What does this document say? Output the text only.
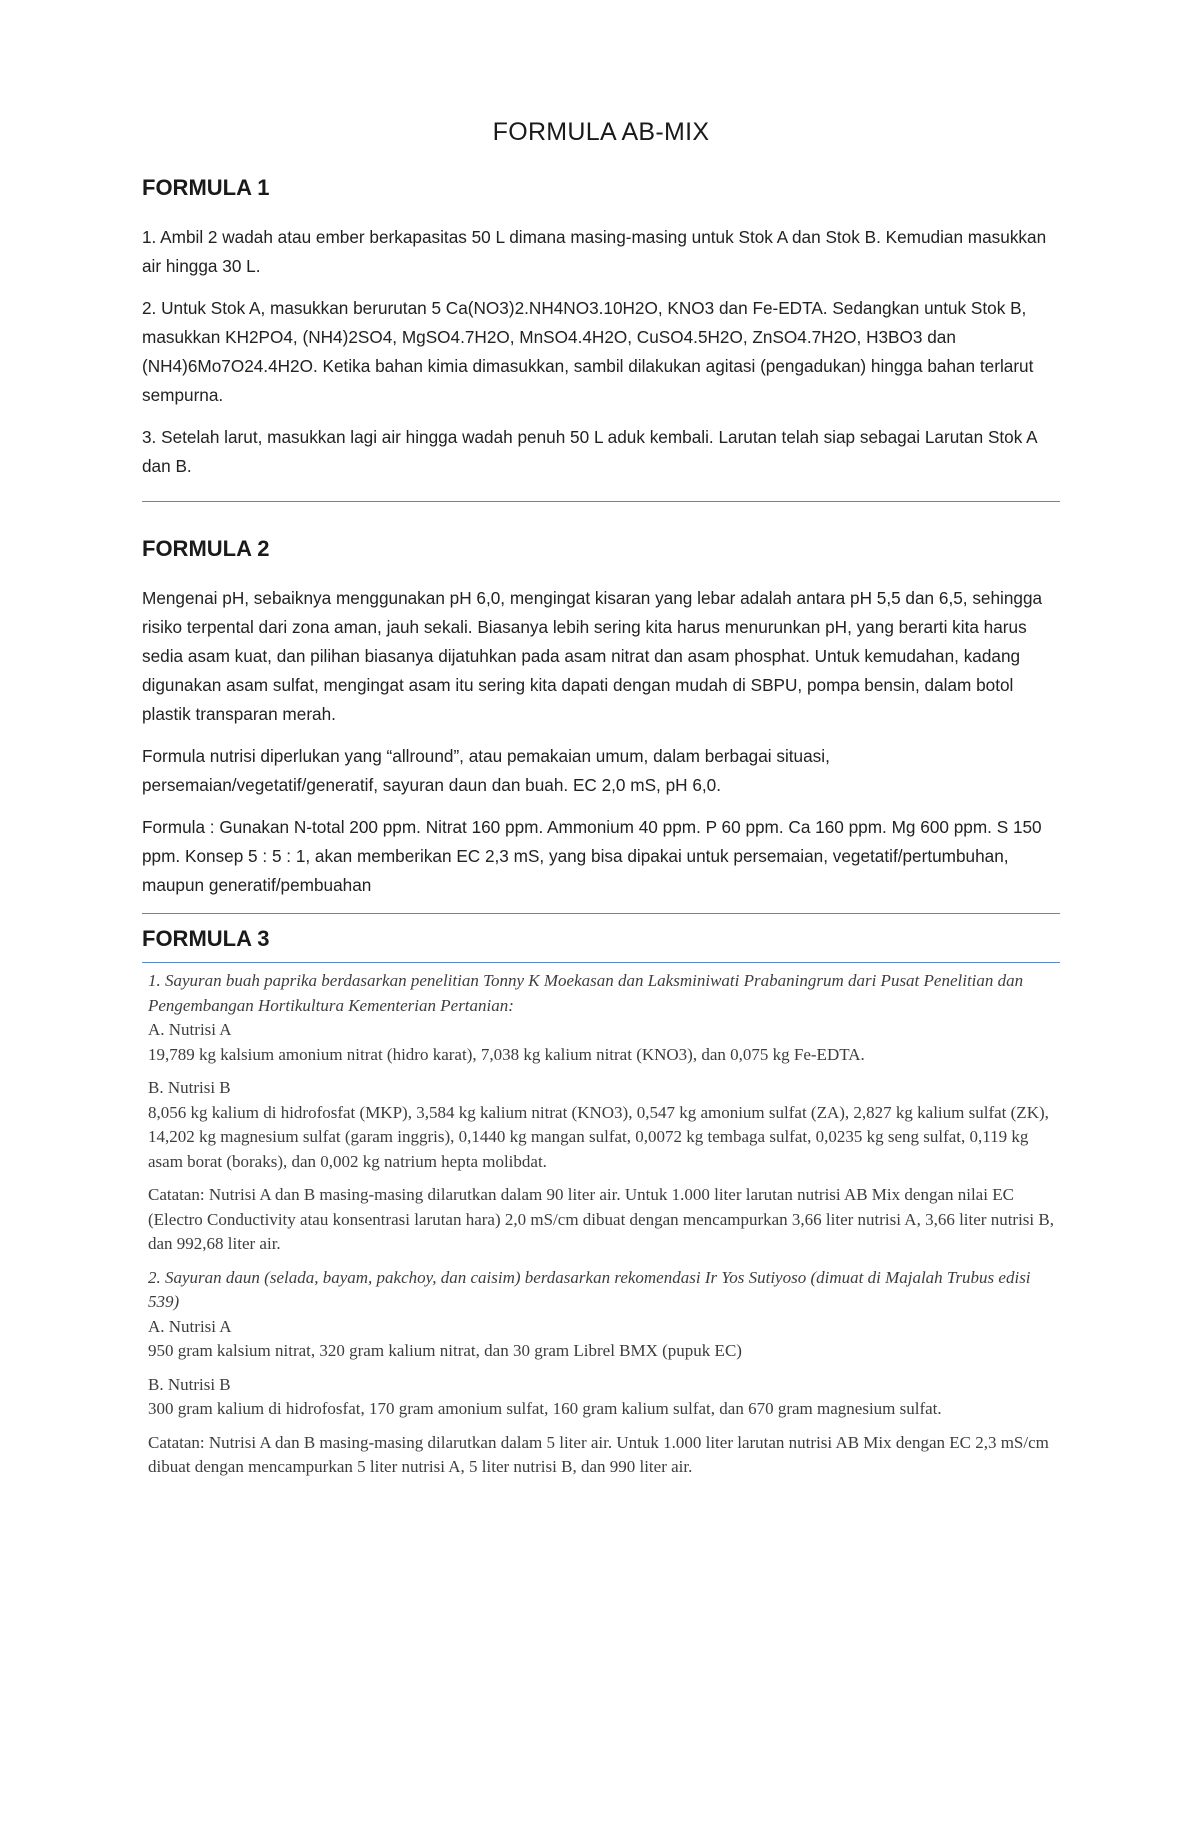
FORMULA AB-MIX
FORMULA 1

1. Ambil 2 wadah atau ember berkapasitas 50 L dimana masing-masing untuk Stok A dan Stok B. Kemudian masukkan air hingga 30 L.

2. Untuk Stok A, masukkan berurutan 5 Ca(NO3)2.NH4NO3.10H2O, KNO3 dan Fe-EDTA. Sedangkan untuk Stok B, masukkan KH2PO4, (NH4)2SO4, MgSO4.7H2O, MnSO4.4H2O, CuSO4.5H2O, ZnSO4.7H2O, H3BO3 dan (NH4)6Mo7O24.4H2O. Ketika bahan kimia dimasukkan, sambil dilakukan agitasi (pengadukan) hingga bahan terlarut sempurna.

3. Setelah larut, masukkan lagi air hingga wadah penuh 50 L aduk kembali. Larutan telah siap sebagai Larutan Stok A dan B.

FORMULA 2

Mengenai pH, sebaiknya menggunakan pH 6,0, mengingat kisaran yang lebar adalah antara pH 5,5 dan 6,5, sehingga risiko terpental dari zona aman, jauh sekali. Biasanya lebih sering kita harus menurunkan pH, yang berarti kita harus sedia asam kuat, dan pilihan biasanya dijatuhkan pada asam nitrat dan asam phosphat. Untuk kemudahan, kadang digunakan asam sulfat, mengingat asam itu sering kita dapati dengan mudah di SBPU, pompa bensin, dalam botol plastik transparan merah.

Formula nutrisi diperlukan yang “allround”, atau pemakaian umum, dalam berbagai situasi, persemaian/vegetatif/generatif, sayuran daun dan buah. EC 2,0 mS, pH 6,0.

Formula : Gunakan N-total 200 ppm. Nitrat 160 ppm. Ammonium 40 ppm. P 60 ppm. Ca 160 ppm. Mg 600 ppm. S 150 ppm. Konsep 5 : 5 : 1, akan memberikan EC 2,3 mS, yang bisa dipakai untuk persemaian, vegetatif/pertumbuhan, maupun generatif/pembuahan

FORMULA 3

1. Sayuran buah paprika berdasarkan penelitian Tonny K Moekasan dan Laksminiwati Prabaningrum dari Pusat Penelitian dan Pengembangan Hortikultura Kementerian Pertanian:

A. Nutrisi A

19,789 kg kalsium amonium nitrat (hidro karat), 7,038 kg kalium nitrat (KNO3), dan 0,075 kg Fe-EDTA.

B. Nutrisi B

8,056 kg kalium di hidrofosfat (MKP), 3,584 kg kalium nitrat (KNO3), 0,547 kg amonium sulfat (ZA), 2,827 kg kalium sulfat (ZK), 14,202 kg magnesium sulfat (garam inggris), 0,1440 kg mangan sulfat, 0,0072 kg tembaga sulfat, 0,0235 kg seng sulfat, 0,119 kg asam borat (boraks), dan 0,002 kg natrium hepta molibdat.

Catatan: Nutrisi A dan B masing-masing dilarutkan dalam 90 liter air. Untuk 1.000 liter larutan nutrisi AB Mix dengan nilai EC (Electro Conductivity atau konsentrasi larutan hara) 2,0 mS/cm dibuat dengan mencampurkan 3,66 liter nutrisi A, 3,66 liter nutrisi B, dan 992,68 liter air.

2. Sayuran daun (selada, bayam, pakchoy, dan caisim) berdasarkan rekomendasi Ir Yos Sutiyoso (dimuat di Majalah Trubus edisi 539)

A. Nutrisi A

950 gram kalsium nitrat, 320 gram kalium nitrat, dan 30 gram Librel BMX (pupuk EC)

B. Nutrisi B

300 gram kalium di hidrofosfat, 170 gram amonium sulfat, 160 gram kalium sulfat, dan 670 gram magnesium sulfat.

Catatan: Nutrisi A dan B masing-masing dilarutkan dalam 5 liter air. Untuk 1.000 liter larutan nutrisi AB Mix dengan EC 2,3 mS/cm dibuat dengan mencampurkan 5 liter nutrisi A, 5 liter nutrisi B, dan 990 liter air.
